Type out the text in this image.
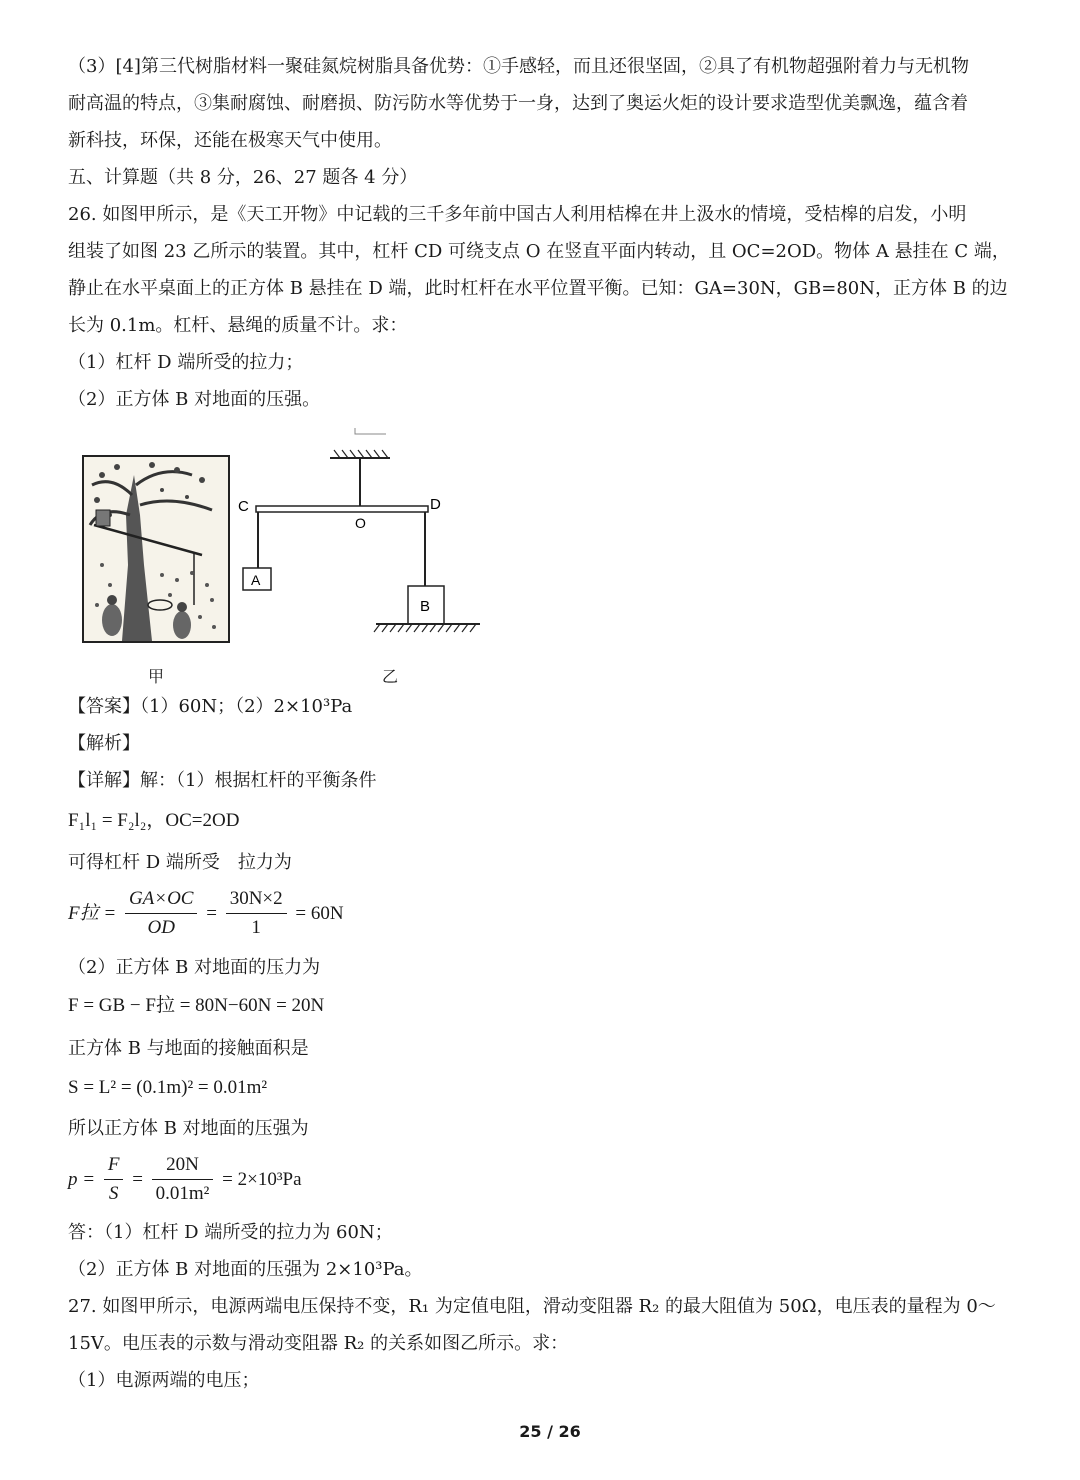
（3）[4]第三代树脂材料一聚硅氮烷树脂具备优势：①手感轻，而且还很坚固，②具了有机物超强附着力与无机物
耐高温的特点，③集耐腐蚀、耐磨损、防污防水等优势于一身，达到了奥运火炬的设计要求造型优美飘逸，蕴含着
新科技，环保，还能在极寒天气中使用。
五、计算题（共 8 分，26、27 题各 4 分）
26. 如图甲所示，是《天工开物》中记载的三千多年前中国古人利用桔槔在井上汲水的情境，受桔槔的启发，小明
组装了如图 23 乙所示的装置。其中，杠杆 CD 可绕支点 O 在竖直平面内转动，且 OC=2OD。物体 A 悬挂在 C 端，
静止在水平桌面上的正方体 B 悬挂在 D 端，此时杠杆在水平位置平衡。已知：GA=30N，GB=80N，正方体 B 的边
长为 0.1m。杠杆、悬绳的质量不计。求：
（1）杠杆 D 端所受的拉力；
（2）正方体 B 对地面的压强。
C	D
O
A
B
甲	乙
【答案】（1）60N；（2）2×10³Pa
【解析】
【详解】解：（1）根据杠杆的平衡条件
F₁l₁ = F₂l₂，OC=2OD
可得杠杆 D 端所受　拉力为
F拉 = $\frac{GA\times OC}{OD} = \frac{30N\times 2}{1} = 60N$
（2）正方体 B 对地面的压力为
F = GB − F拉 = 80N−60N = 20N
正方体 B 与地面的接触面积是
S = L² = (0.1m)² = 0.01m²
所以正方体 B 对地面的压强为
$p = \frac{F}{S} = \frac{20N}{\text{0.01m²}} = 2\times 10^3Pa$
答：（1）杠杆 D 端所受的拉力为 60N；
（2）正方体 B 对地面的压强为 2×10³Pa。
27. 如图甲所示，电源两端电压保持不变，R₁ 为定值电阻，滑动变阻器 R₂ 的最大阻值为 50Ω，电压表的量程为 0～
15V。电压表的示数与滑动变阻器 R₂ 的关系如图乙所示。求：
（1）电源两端的电压；
25 / 26
